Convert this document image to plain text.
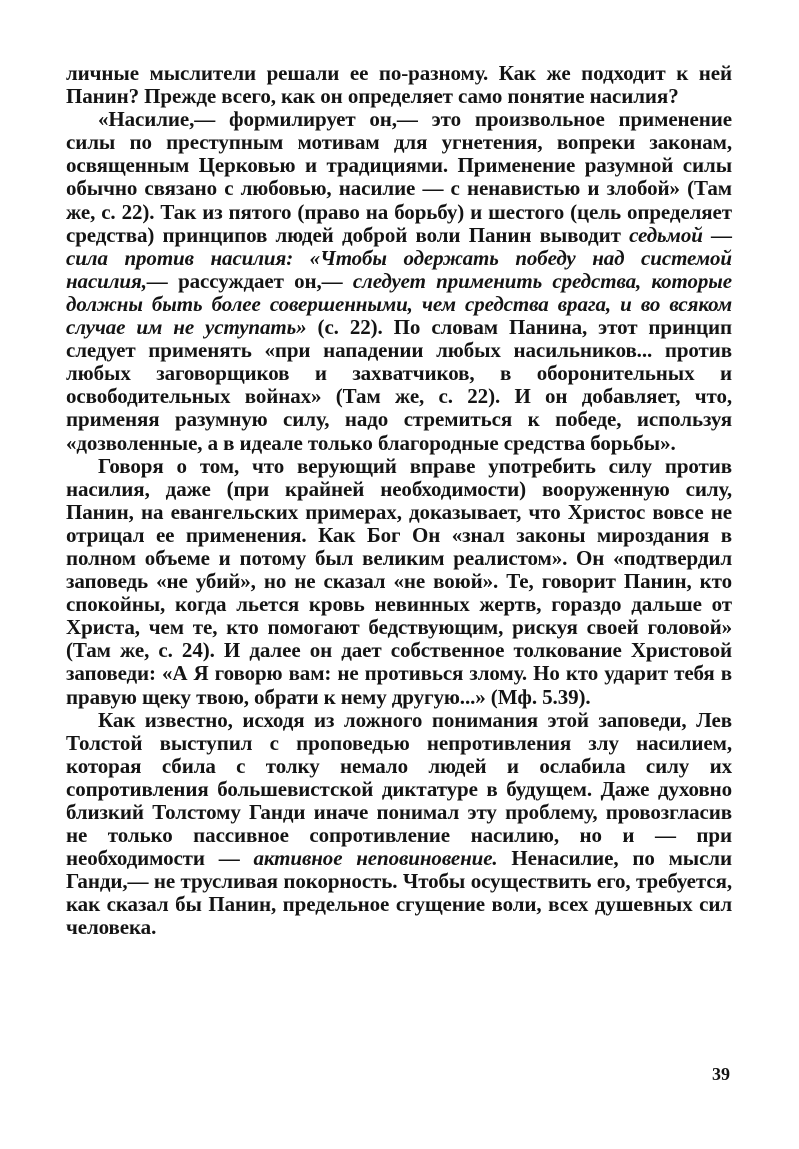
личные мыслители решали ее по-разному. Как же подходит к ней Панин? Прежде всего, как он определяет само понятие насилия?

«Насилие,— формилирует он,— это произвольное применение силы по преступным мотивам для угнетения, вопреки законам, освященным Церковью и традициями. Применение разумной силы обычно связано с любовью, насилие — с ненавистью и злобой» (Там же, с. 22). Так из пятого (право на борьбу) и шестого (цель определяет средства) принципов людей доброй воли Панин выводит седьмой — сила против насилия: «Чтобы одержать победу над системой насилия,— рассуждает он,— следует применить средства, которые должны быть более совершенными, чем средства врага, и во всяком случае им не уступать» (с. 22). По словам Панина, этот принцип следует применять «при нападении любых насильников... против любых заговорщиков и захватчиков, в оборонительных и освободительных войнах» (Там же, с. 22). И он добавляет, что, применяя разумную силу, надо стремиться к победе, используя «дозволенные, а в идеале только благородные средства борьбы».

Говоря о том, что верующий вправе употребить силу против насилия, даже (при крайней необходимости) вооруженную силу, Панин, на евангельских примерах, доказывает, что Христос вовсе не отрицал ее применения. Как Бог Он «знал законы мироздания в полном объеме и потому был великим реалистом». Он «подтвердил заповедь «не убий», но не сказал «не воюй». Те, говорит Панин, кто спокойны, когда льется кровь невинных жертв, гораздо дальше от Христа, чем те, кто помогают бедствующим, рискуя своей головой» (Там же, с. 24). И далее он дает собственное толкование Христовой заповеди: «А Я говорю вам: не противься злому. Но кто ударит тебя в правую щеку твою, обрати к нему другую...» (Мф. 5.39).

Как известно, исходя из ложного понимания этой заповеди, Лев Толстой выступил с проповедью непротивления злу насилием, которая сбила с толку немало людей и ослабила силу их сопротивления большевистской диктатуре в будущем. Даже духовно близкий Толстому Ганди иначе понимал эту проблему, провозгласив не только пассивное сопротивление насилию, но и — при необходимости — активное неповиновение. Ненасилие, по мысли Ганди,— не трусливая покорность. Чтобы осуществить его, требуется, как сказал бы Панин, предельное сгущение воли, всех душевных сил человека.

39
